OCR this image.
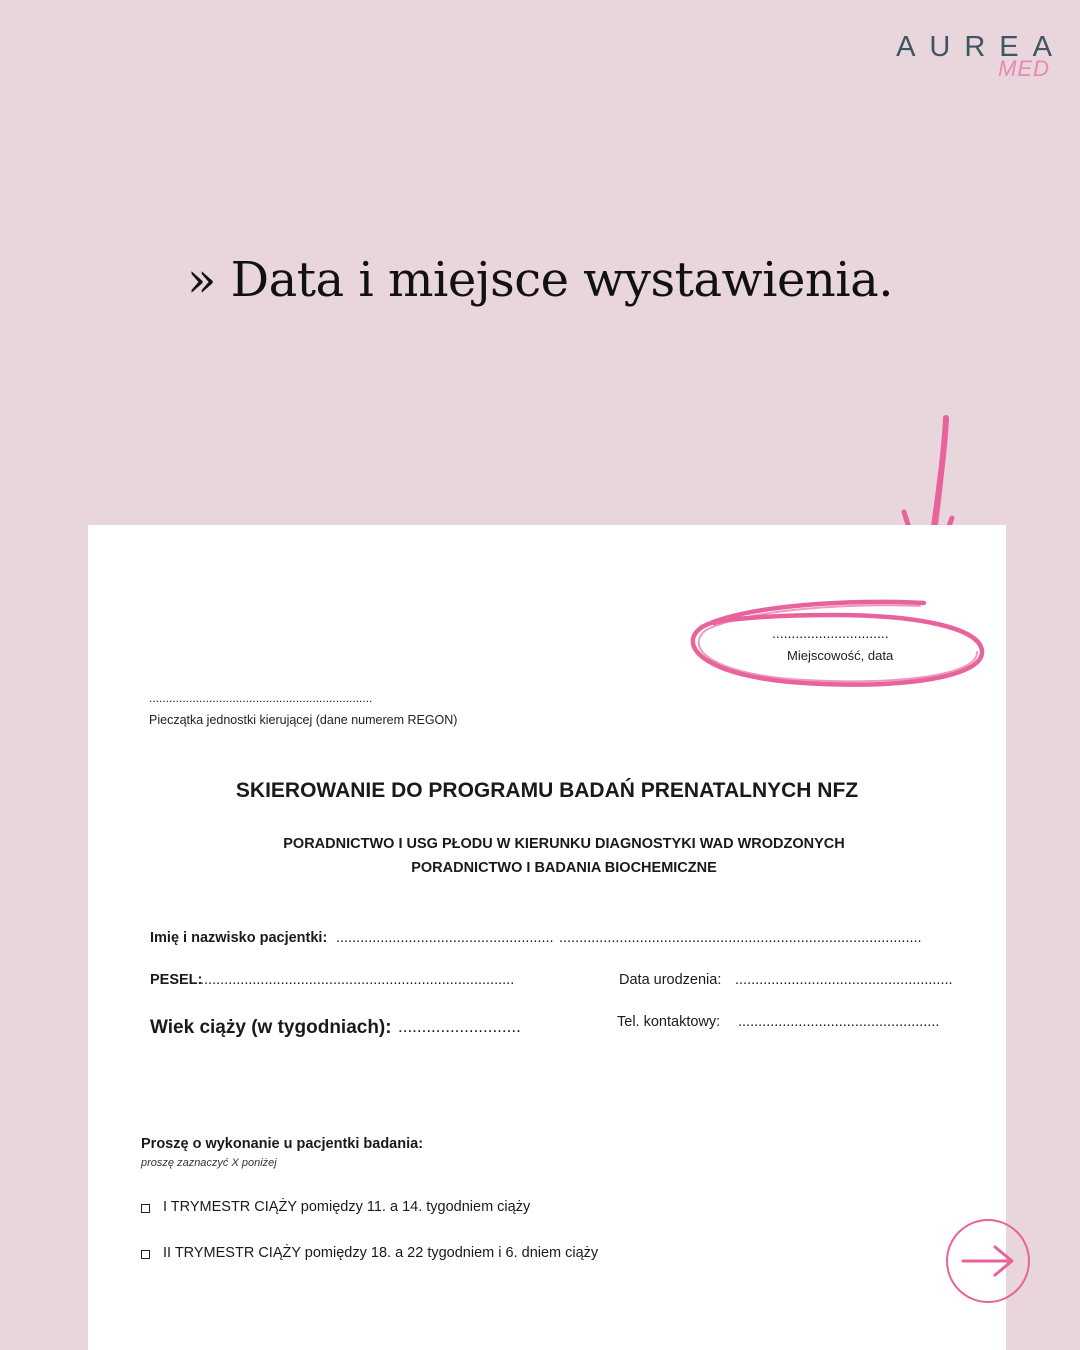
AUREA
MED
» Data i miejsce wystawienia.
..............................
Miejscowość, data
...................................................................
Pieczątka jednostki kierującej (dane numerem REGON)
SKIEROWANIE DO PROGRAMU BADAŃ PRENATALNYCH NFZ
PORADNICTWO I USG PŁODU W KIERUNKU DIAGNOSTYKI WAD WRODZONYCH
PORADNICTWO I BADANIA BIOCHEMICZNE
Imię i nazwisko pacjentki: ...................................................... ..........................................................................................
PESEL:
..............................................................................	Data urodzenia: ......................................................
Wiek ciąży (w tygodniach): ..........................	Tel. kontaktowy: ..................................................
Proszę o wykonanie u pacjentki badania:
proszę zaznaczyć X poniżej
I TRYMESTR CIĄŻY pomiędzy 11. a 14. tygodniem ciąży
II TRYMESTR CIĄŻY pomiędzy 18. a 22 tygodniem i 6. dniem ciąży
